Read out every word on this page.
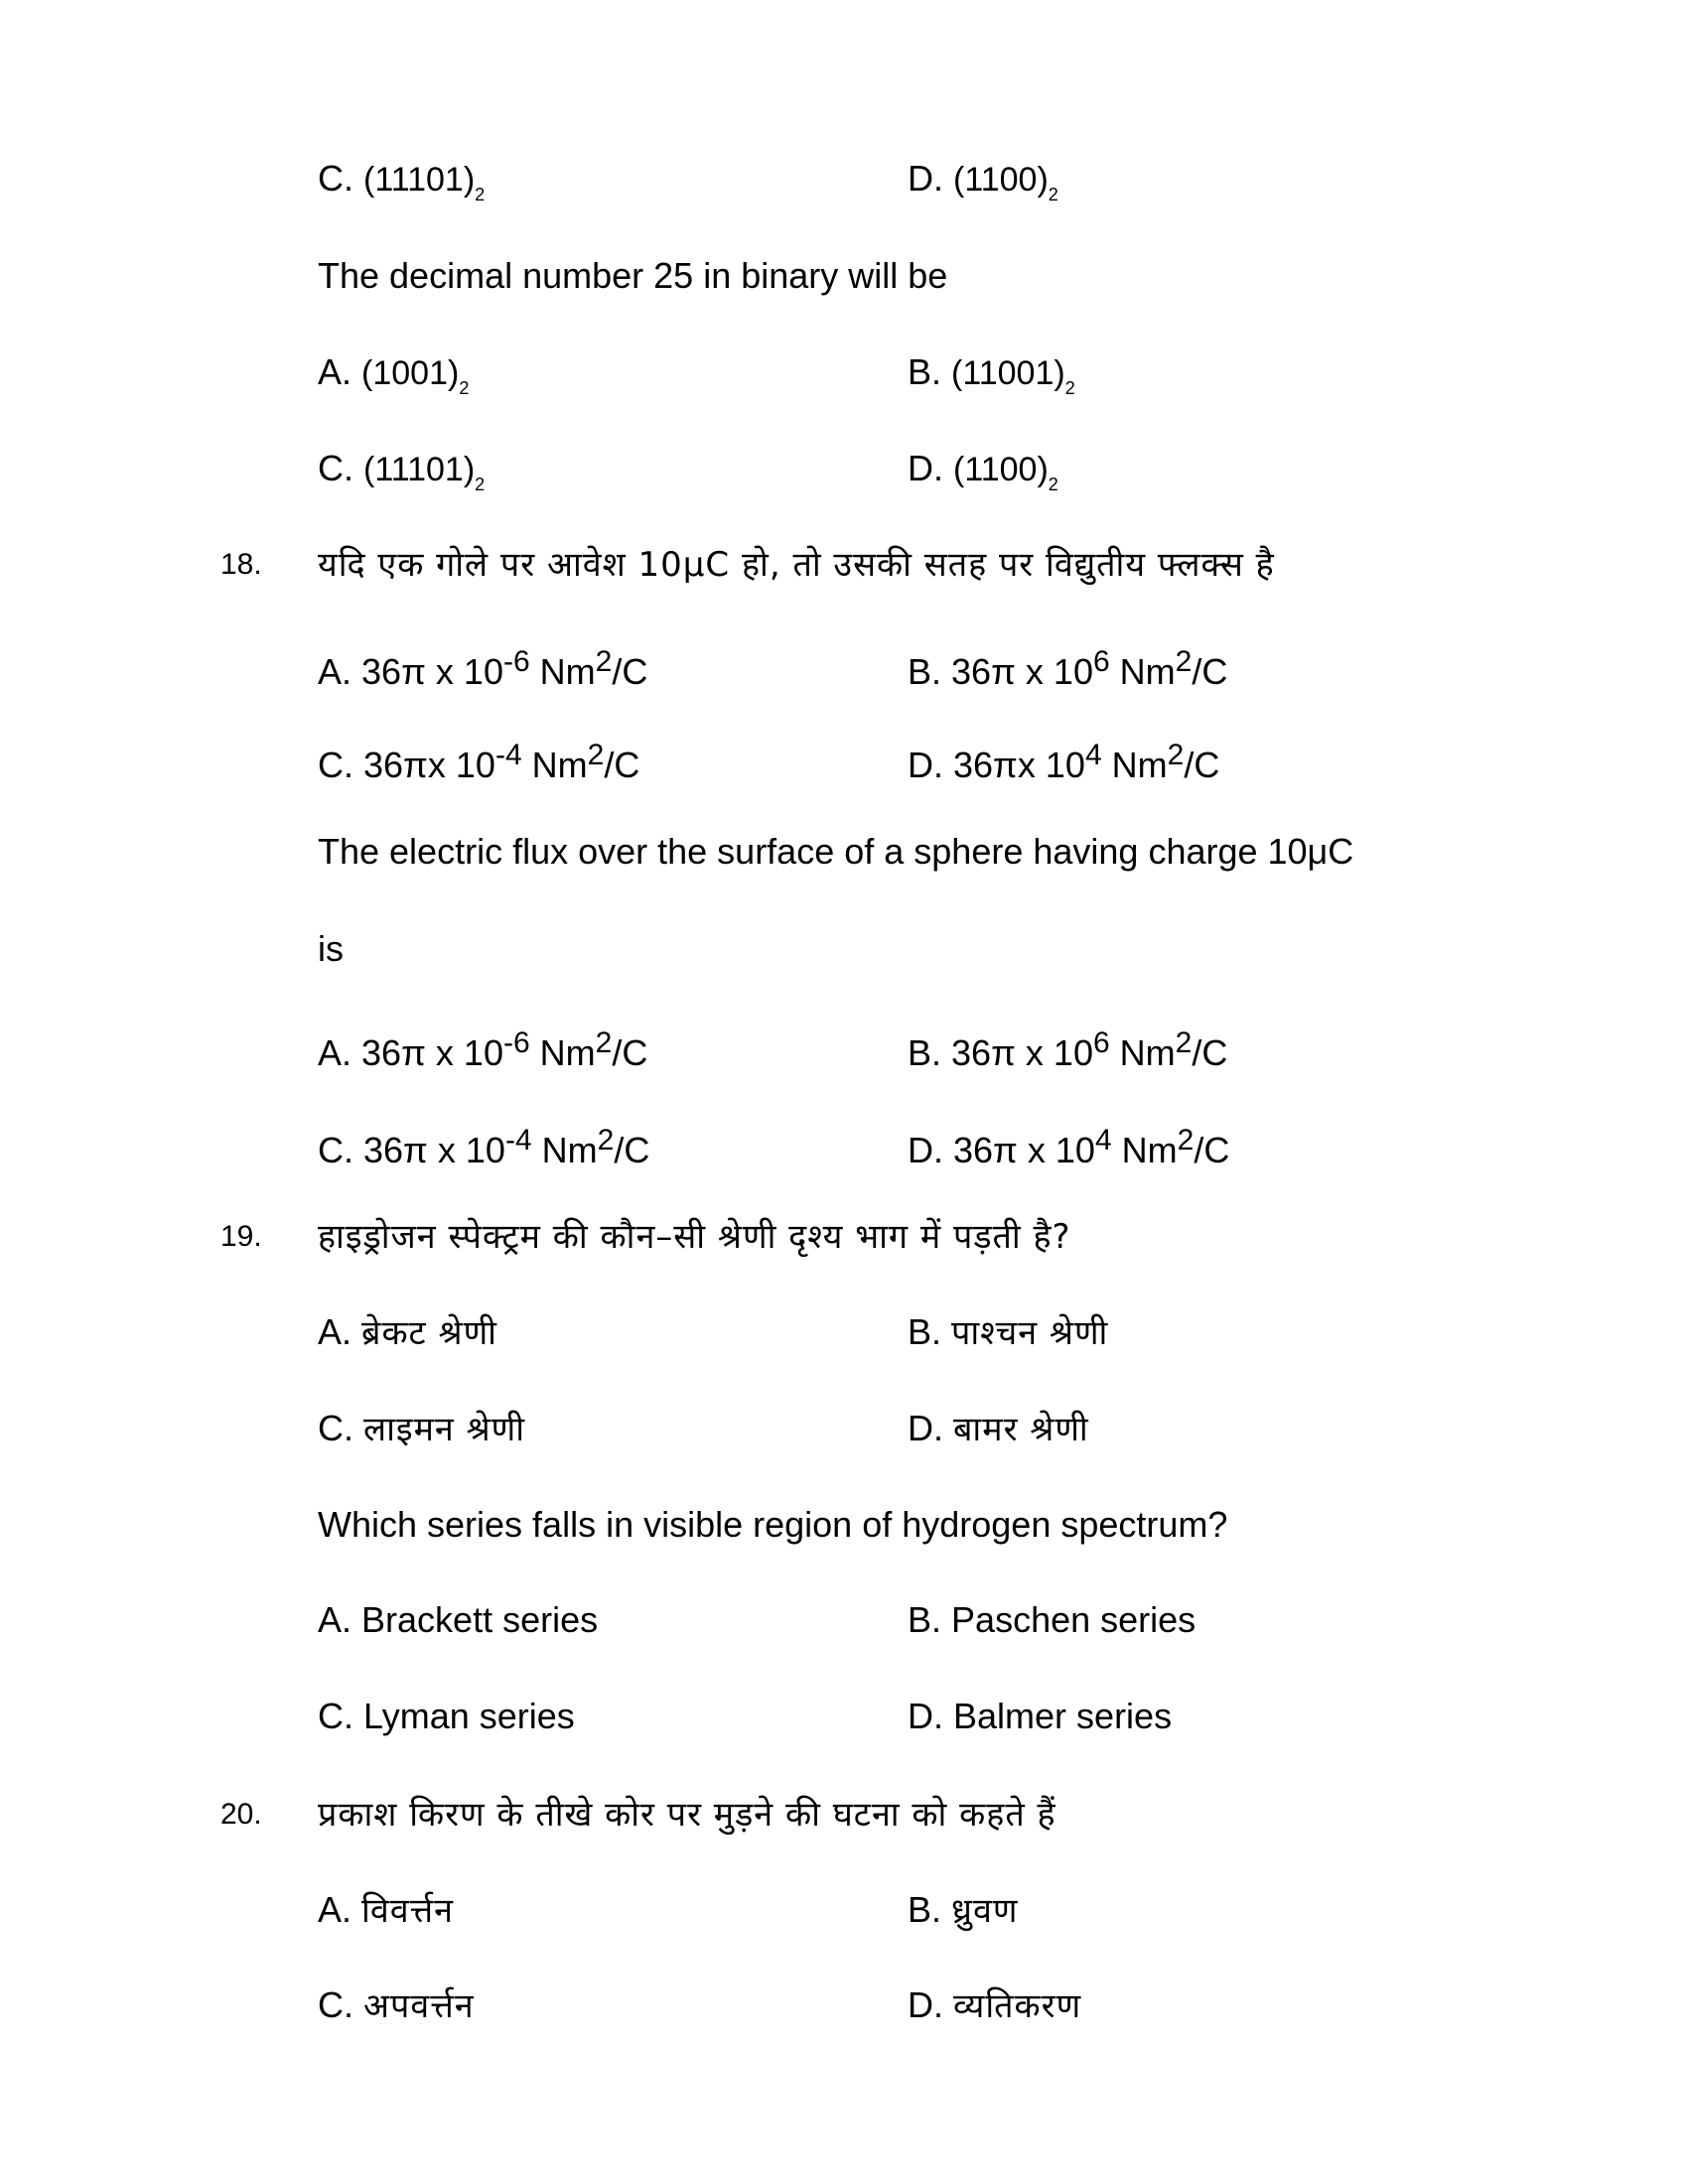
C. $(11101)_2$	D. $(1100)_2$
The decimal number 25 in binary will be
A. $(1001)_2$	B. $(11001)_2$
C. $(11101)_2$	D. $(1100)_2$
18. यदि एक गोले पर आवेश 10μC हो, तो उसकी सतह पर विद्युतीय फ्लक्स है
A. 36π x $10^{-6}$ Nm$^2$/C	B. 36π x $10^6$ Nm$^2$/C
C. 36πx $10^{-4}$ Nm$^2$/C	D. 36πx $10^4$ Nm$^2$/C
The electric flux over the surface of a sphere having charge 10μC
is
A. 36π x $10^{-6}$ Nm$^2$/C	B. 36π x $10^6$ Nm$^2$/C
C. 36π x $10^{-4}$ Nm$^2$/C	D. 36π x $10^4$ Nm$^2$/C
19. हाइड्रोजन स्पेक्ट्रम की कौन–सी श्रेणी दृश्य भाग में पड़ती है?
A. ब्रेकट श्रेणी	B. पाश्चन श्रेणी
C. लाइमन श्रेणी	D. बामर श्रेणी
Which series falls in visible region of hydrogen spectrum?
A. Brackett series	B. Paschen series
C. Lyman series	D. Balmer series
20. प्रकाश किरण के तीखे कोर पर मुड़ने की घटना को कहते हैं
A. विवर्त्तन	B. ध्रुवण
C. अपवर्त्तन	D. व्यतिकरण
